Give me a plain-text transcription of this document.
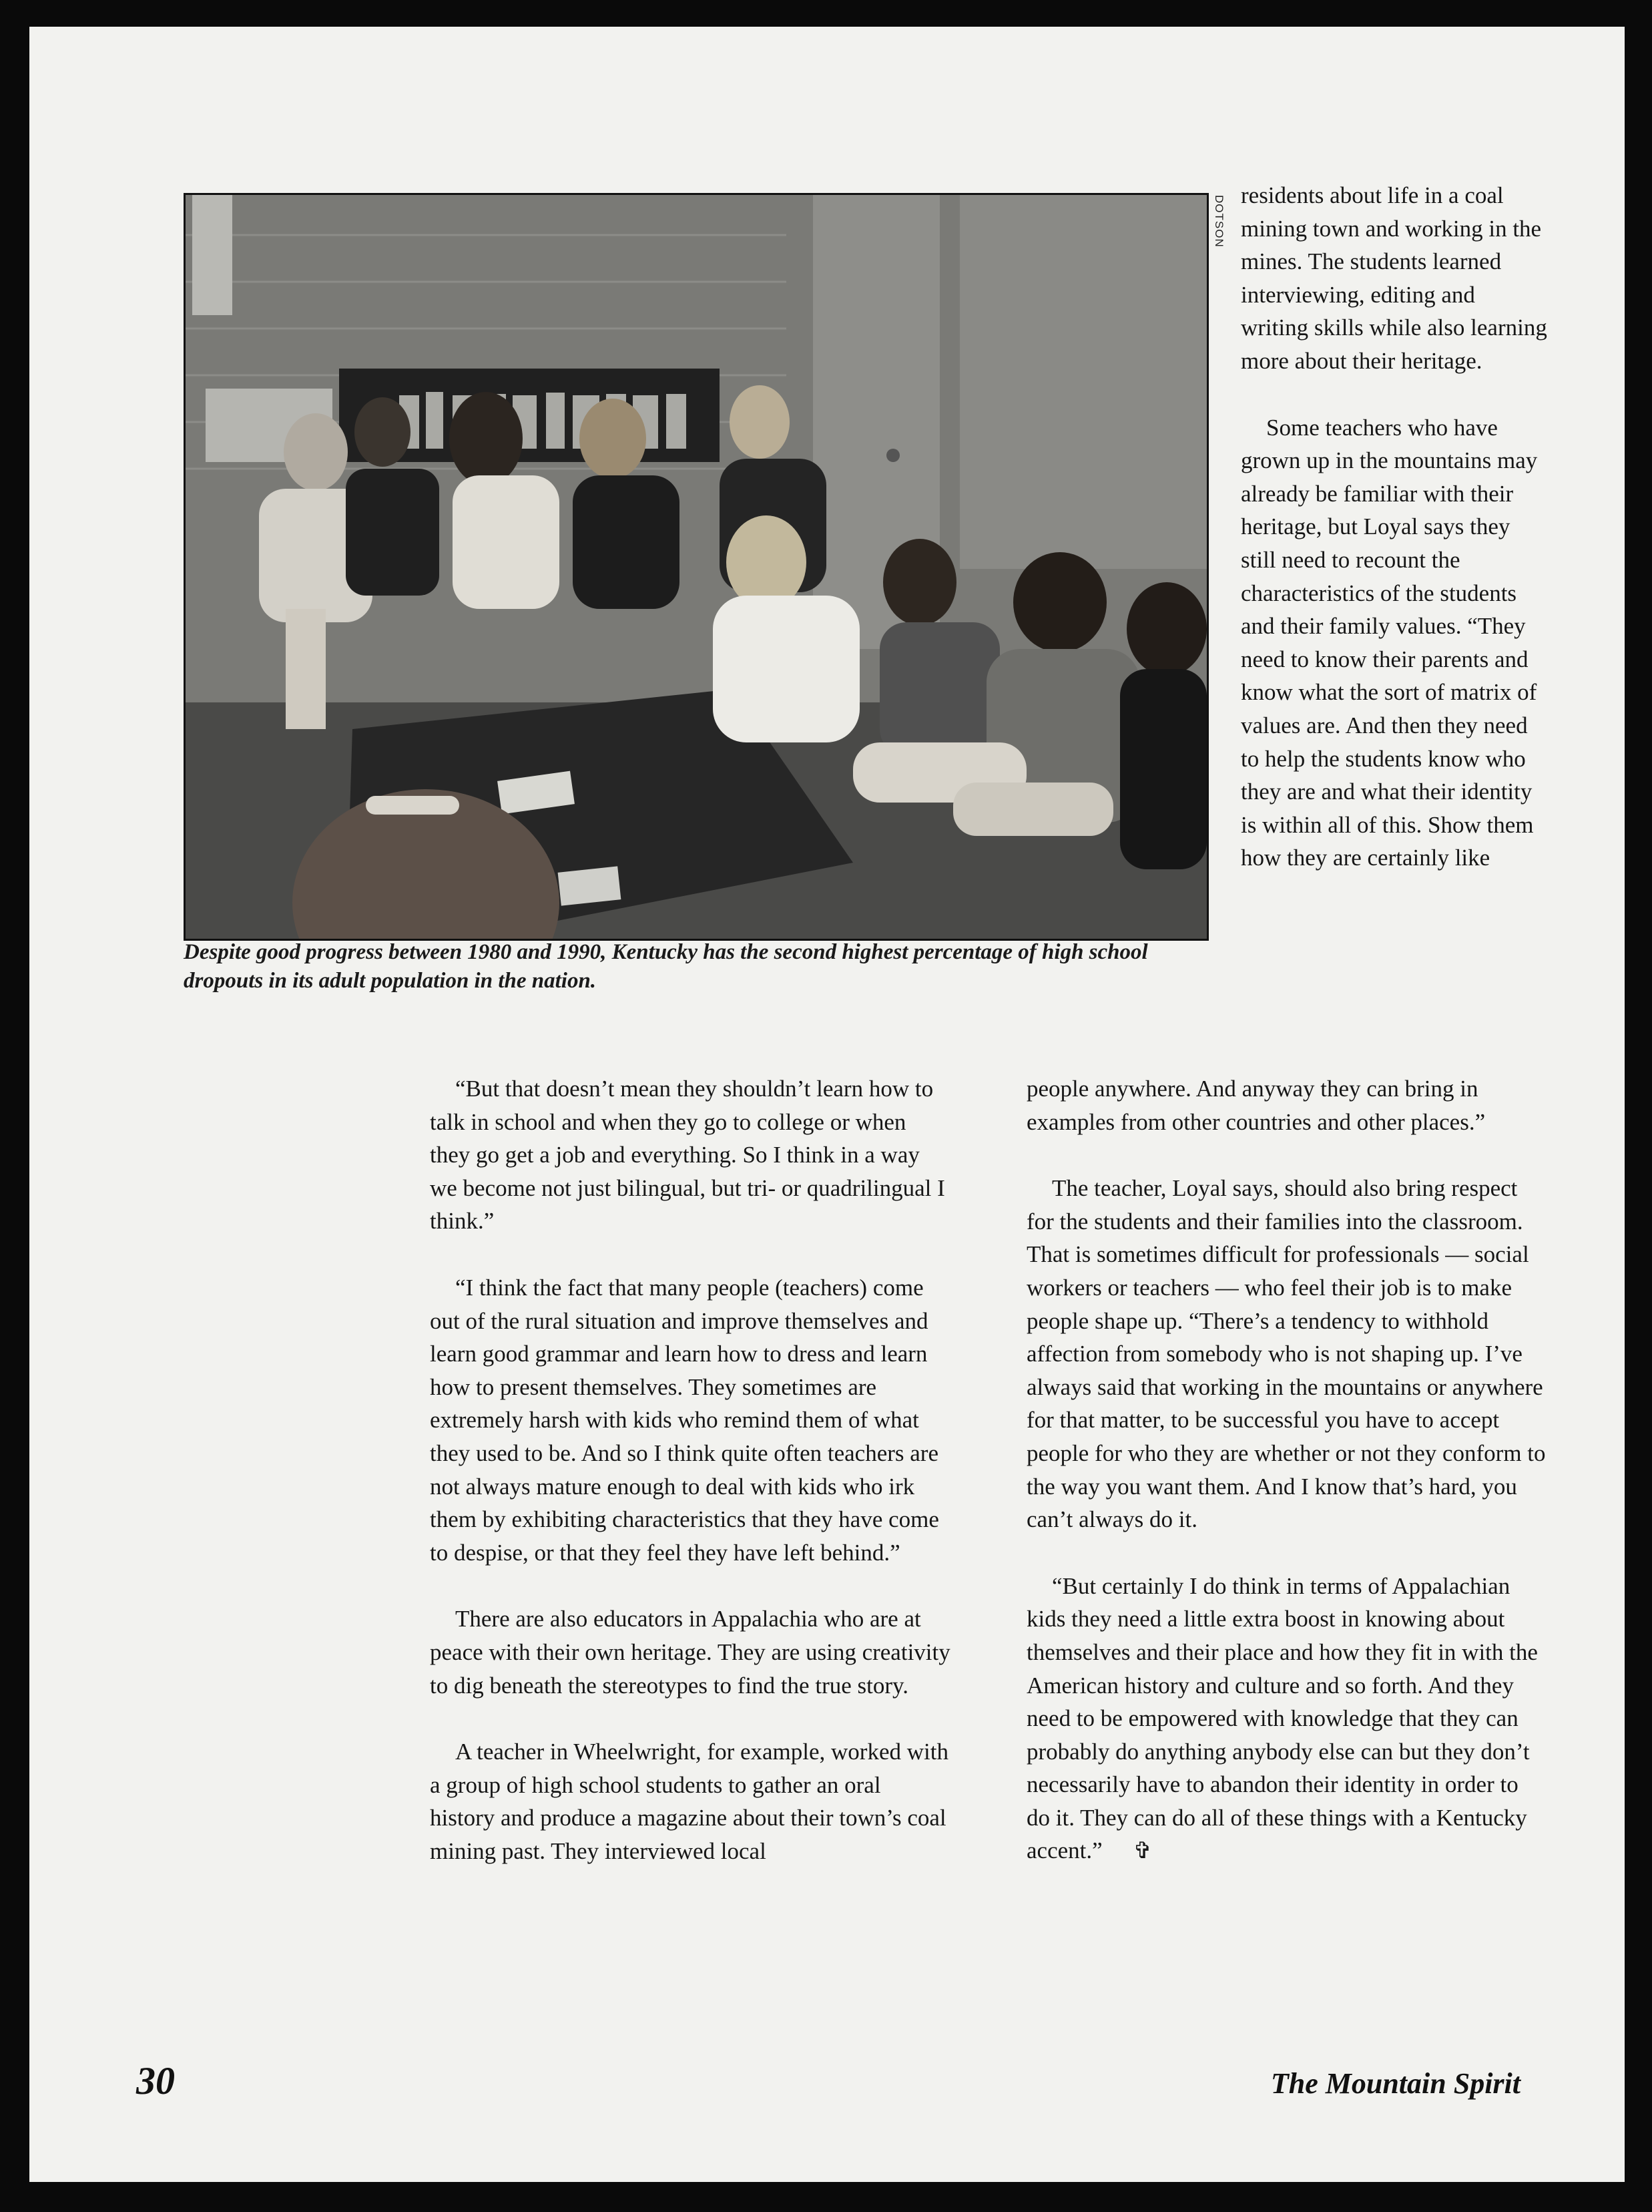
DOTSON
Despite good progress between 1980 and 1990, Kentucky has the second highest percentage of high school dropouts in its adult population in the nation.

residents about life in a coal mining town and working in the mines. The students learned interviewing, editing and writing skills while also learning more about their heritage.

Some teachers who have grown up in the mountains may already be familiar with their heritage, but Loyal says they still need to recount the characteristics of the students and their family values. “They need to know their parents and know what the sort of matrix of values are. And then they need to help the students know who they are and what their identity is within all of this. Show them how they are certainly like

“But that doesn’t mean they shouldn’t learn how to talk in school and when they go to college or when they go get a job and everything. So I think in a way we become not just bilingual, but tri- or quadrilingual I think.”

“I think the fact that many people (teachers) come out of the rural situation and improve themselves and learn good grammar and learn how to dress and learn how to present themselves. They sometimes are extremely harsh with kids who remind them of what they used to be. And so I think quite often teachers are not always mature enough to deal with kids who irk them by exhibiting characteristics that they have come to despise, or that they feel they have left behind.”

There are also educators in Appalachia who are at peace with their own heritage. They are using creativity to dig beneath the stereotypes to find the true story.

A teacher in Wheelwright, for example, worked with a group of high school students to gather an oral history and produce a magazine about their town’s coal mining past. They interviewed local

people anywhere. And anyway they can bring in examples from other countries and other places.”

The teacher, Loyal says, should also bring respect for the students and their families into the classroom. That is sometimes difficult for professionals — social workers or teachers — who feel their job is to make people shape up. “There’s a tendency to withhold affection from somebody who is not shaping up. I’ve always said that working in the mountains or anywhere for that matter, to be successful you have to accept people for who they are whether or not they conform to the way you want them. And I know that’s hard, you can’t always do it.

“But certainly I do think in terms of Appalachian kids they need a little extra boost in knowing about themselves and their place and how they fit in with the American history and culture and so forth. And they need to be empowered with knowledge that they can probably do anything anybody else can but they don’t necessarily have to abandon their identity in order to do it. They can do all of these things with a Kentucky accent.” ✞

30	The Mountain Spirit
